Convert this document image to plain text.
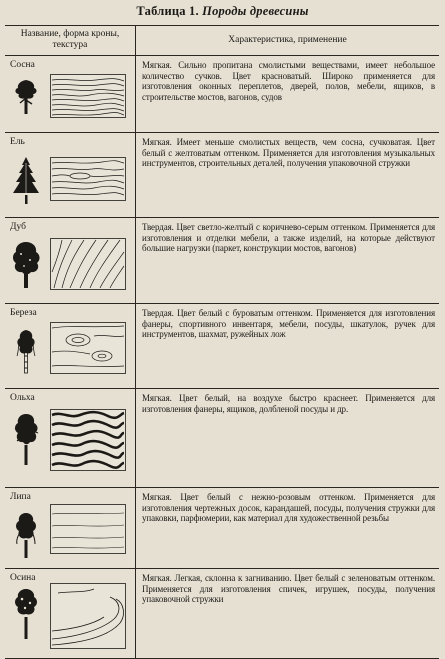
Таблица 1. Породы древесины
Название, форма кроны, текстура	Характеристика, применение

Сосна	Мягкая. Сильно пропитана смолистыми веществами, имеет небольшое количество сучков. Цвет красноватый. Широко применяется для изготовления оконных переплетов, дверей, полов, мебели, ящиков, в строительстве мостов, вагонов, судов

Ель	Мягкая. Имеет меньше смолистых веществ, чем сосна, сучковатая. Цвет белый с желтоватым оттенком. Применяется для изготовления музыкальных инструментов, строительных деталей, получения упаковочной стружки

Дуб	Твердая. Цвет светло-желтый с коричнево-серым оттенком. Применяется для изготовления и отделки мебели, а также изделий, на которые действуют большие нагрузки (паркет, конструкции мостов, вагонов)

Береза	Твердая. Цвет белый с буроватым оттенком. Применяется для изготовления фанеры, спортивного инвентаря, мебели, посуды, шкатулок, ручек для инструментов, шахмат, ружейных лож

Ольха	Мягкая. Цвет белый, на воздухе быстро краснеет. Применяется для изготовления фанеры, ящиков, долбленой посуды и др.

Липа	Мягкая. Цвет белый с нежно-розовым оттенком. Применяется для изготовления чертежных досок, карандашей, посуды, получения стружки для упаковки, парфюмерии, как материал для художественной резьбы

Осина	Мягкая. Легкая, склонна к загниванию. Цвет белый с зеленоватым оттенком. Применяется для изготовления спичек, игрушек, посуды, получения упаковочной стружки
